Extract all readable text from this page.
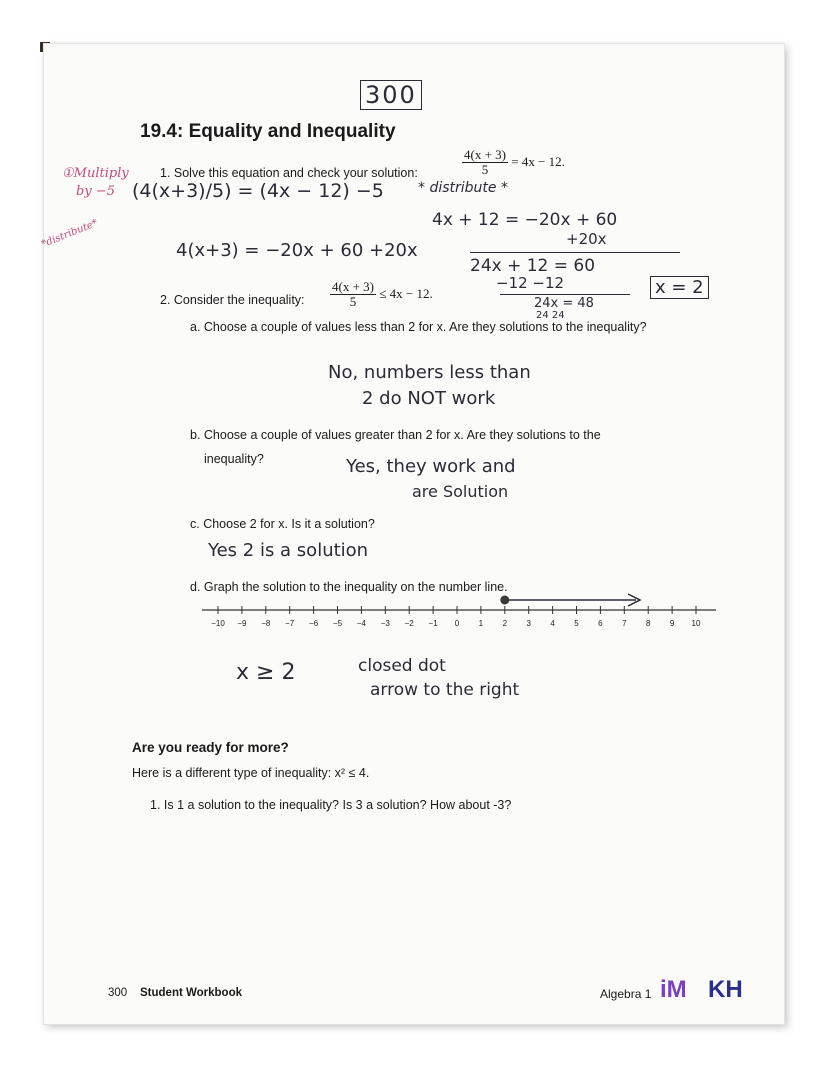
300
19.4: Equality and Inequality
1. Solve this equation and check your solution:	$\frac{4(x + 3)}{5} = 4x - 12$.
①Multiply
by −5
*distribute*
(4(x+3)/5) = (4x − 12) −5 * distribute *
4x + 12 = −20x + 60
+20x
4(x+3) = −20x + 60 +20x
24x + 12 = 60
−12 −12
24x = 48
24 24
x = 2
2. Consider the inequality: $\frac{4(x + 3)}{5} \le 4x - 12$.
a. Choose a couple of values less than 2 for x. Are they solutions to the inequality?
No, numbers less than
2 do NOT work
b. Choose a couple of values greater than 2 for x. Are they solutions to the
inequality?	Yes, they work and
are Solution
c. Choose 2 for x. Is it a solution?
Yes 2 is a solution
d. Graph the solution to the inequality on the number line.
−10 −9 −8 −7 −6 −5 −4 −3 −2 −1 0 1 2 3 4 5 6 7 8 9 10
x ≥ 2	closed dot
arrow to the right
Are you ready for more?
Here is a different type of inequality: x² ≤ 4.
1. Is 1 a solution to the inequality? Is 3 a solution? How about -3?
300 Student Workbook	Algebra 1 iM KH
